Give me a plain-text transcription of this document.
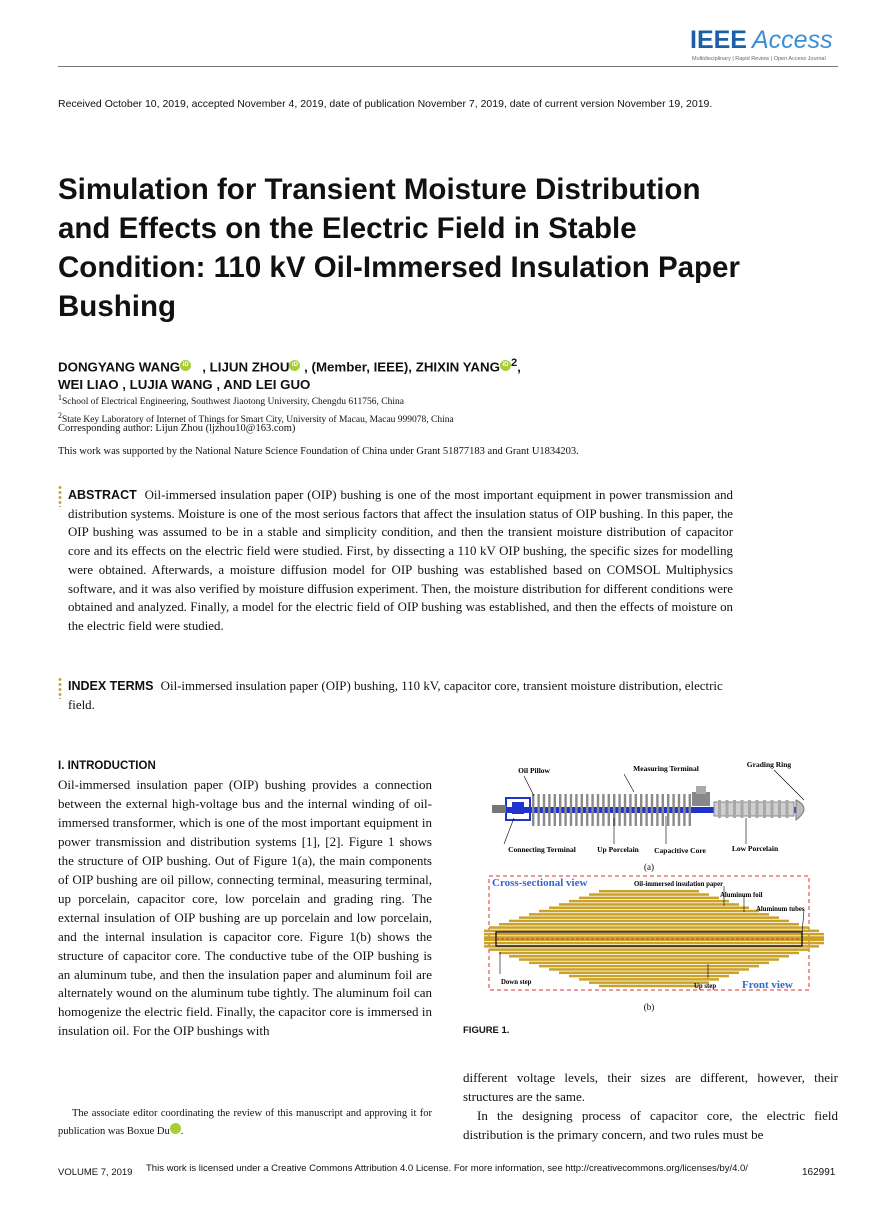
IEEE Access
Multidisciplinary | Rapid Review | Open Access Journal
Received October 10, 2019, accepted November 4, 2019, date of publication November 7, 2019, date of current version November 19, 2019.
Simulation for Transient Moisture Distribution and Effects on the Electric Field in Stable Condition: 110 kV Oil-Immersed Insulation Paper Bushing
DONGYANG WANG iD , LIJUN ZHOU iD , (Member, IEEE), ZHIXIN YANG iD $^2$,
WEI LIAO , LUJIA WANG , AND LEI GUO
$^1$School of Electrical Engineering, Southwest Jiaotong University, Chengdu 611756, China
$^2$State Key Laboratory of Internet of Things for Smart City, University of Macau, Macau 999078, China
Corresponding author: Lijun Zhou (ljzhou10@163.com)
This work was supported by the National Nature Science Foundation of China under Grant 51877183 and Grant U1834203.
ABSTRACT Oil-immersed insulation paper (OIP) bushing is one of the most important equipment in power transmission and distribution systems. Moisture is one of the most serious factors that affect the insulation status of OIP bushing. In this paper, the OIP bushing was assumed to be in a stable and simplicity condition, and then the transient moisture distribution of capacitor core and its effects on the electric field were studied. First, by dissecting a 110 kV OIP bushing, the specific sizes for modelling were obtained. Afterwards, a moisture diffusion model for OIP bushing was established based on COMSOL Multiphysics software, and it was also verified by moisture diffusion experiment. Then, the moisture distribution for different conditions were obtained and analyzed. Finally, a model for the electric field of OIP bushing was established, and then the effects of moisture on the electric field were studied.
INDEX TERMS Oil-immersed insulation paper (OIP) bushing, 110 kV, capacitor core, transient moisture distribution, electric field.
I. INTRODUCTION
Oil-immersed insulation paper (OIP) bushing provides a connection between the external high-voltage bus and the internal winding of oil-immersed transformer, which is one of the most important equipment in power transmission and distribution systems [1], [2]. Figure 1 shows the structure of OIP bushing. Out of Figure 1(a), the main components of OIP bushing are oil pillow, connecting terminal, measuring terminal, up porcelain, capacitor core, low porcelain and grading ring. The external insulation of OIP bushing are up porcelain and low porcelain, and the internal insulation is capacitor core. Figure 1(b) shows the structure of capacitor core. The conductive tube of the OIP bushing is an aluminum tube, and then the insulation paper and aluminum foil are alternately wound on the aluminum tube tightly. The aluminum foil can homogenize the electric field. Finally, the capacitor core is immersed in insulation oil. For the OIP bushings with
The associate editor coordinating the review of this manuscript and approving it for publication was Boxue Du iD.
Oil Pillow	Measuring Terminal	Grading Ring
Connecting Terminal	Up Porcelain Capacitive Core	Low Porcelain
(a)
Cross-sectional view	Oil-immersed insulation paper
Aluminum foil
Aluminum tubes
Down step
Up step Front view
(b)
FIGURE 1.

different voltage levels, their sizes are different, however, their structures are the same.

In the designing process of capacitor core, the electric field distribution is the primary concern, and two rules must be

VOLUME 7, 2019 This work is licensed under a Creative Commons Attribution 4.0 License. For more information, see http://creativecommons.org/licenses/by/4.0/	162991
